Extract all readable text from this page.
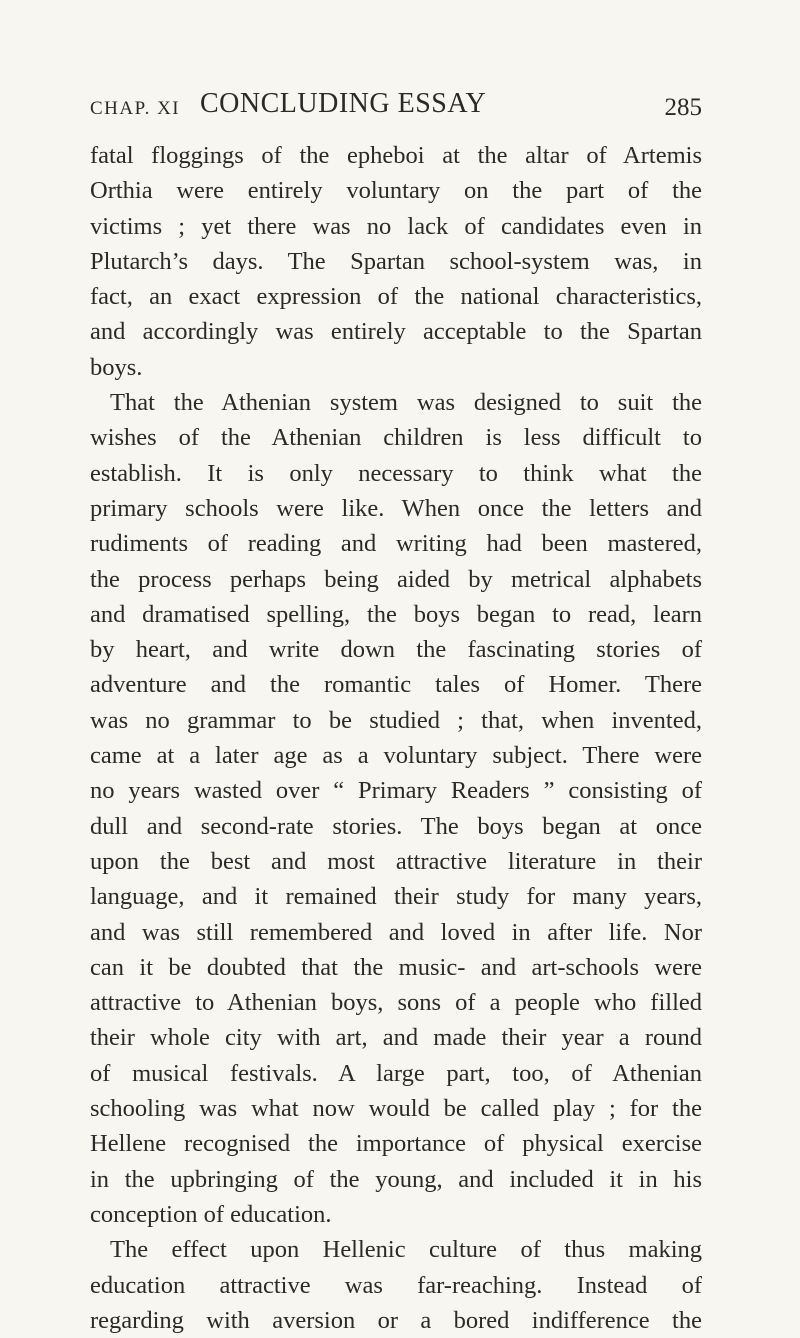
CHAP. XI CONCLUDING ESSAY	285
fatal floggings of the epheboi at the altar of Artemis
Orthia were entirely voluntary on the part of the
victims ; yet there was no lack of candidates even in
Plutarch’s days. The Spartan school-system was, in
fact, an exact expression of the national characteristics,
and accordingly was entirely acceptable to the Spartan
boys.
That the Athenian system was designed to suit the
wishes of the Athenian children is less difficult to
establish. It is only necessary to think what the
primary schools were like. When once the letters and
rudiments of reading and writing had been mastered,
the process perhaps being aided by metrical alphabets
and dramatised spelling, the boys began to read, learn
by heart, and write down the fascinating stories of
adventure and the romantic tales of Homer. There
was no grammar to be studied ; that, when invented,
came at a later age as a voluntary subject. There were
no years wasted over “ Primary Readers ” consisting of
dull and second-rate stories. The boys began at once
upon the best and most attractive literature in their
language, and it remained their study for many years,
and was still remembered and loved in after life. Nor
can it be doubted that the music- and art-schools were
attractive to Athenian boys, sons of a people who filled
their whole city with art, and made their year a round
of musical festivals. A large part, too, of Athenian
schooling was what now would be called play ; for the
Hellene recognised the importance of physical exercise
in the upbringing of the young, and included it in his
conception of education.
The effect upon Hellenic culture of thus making
education attractive was far-reaching. Instead of
regarding with aversion or a bored indifference the
